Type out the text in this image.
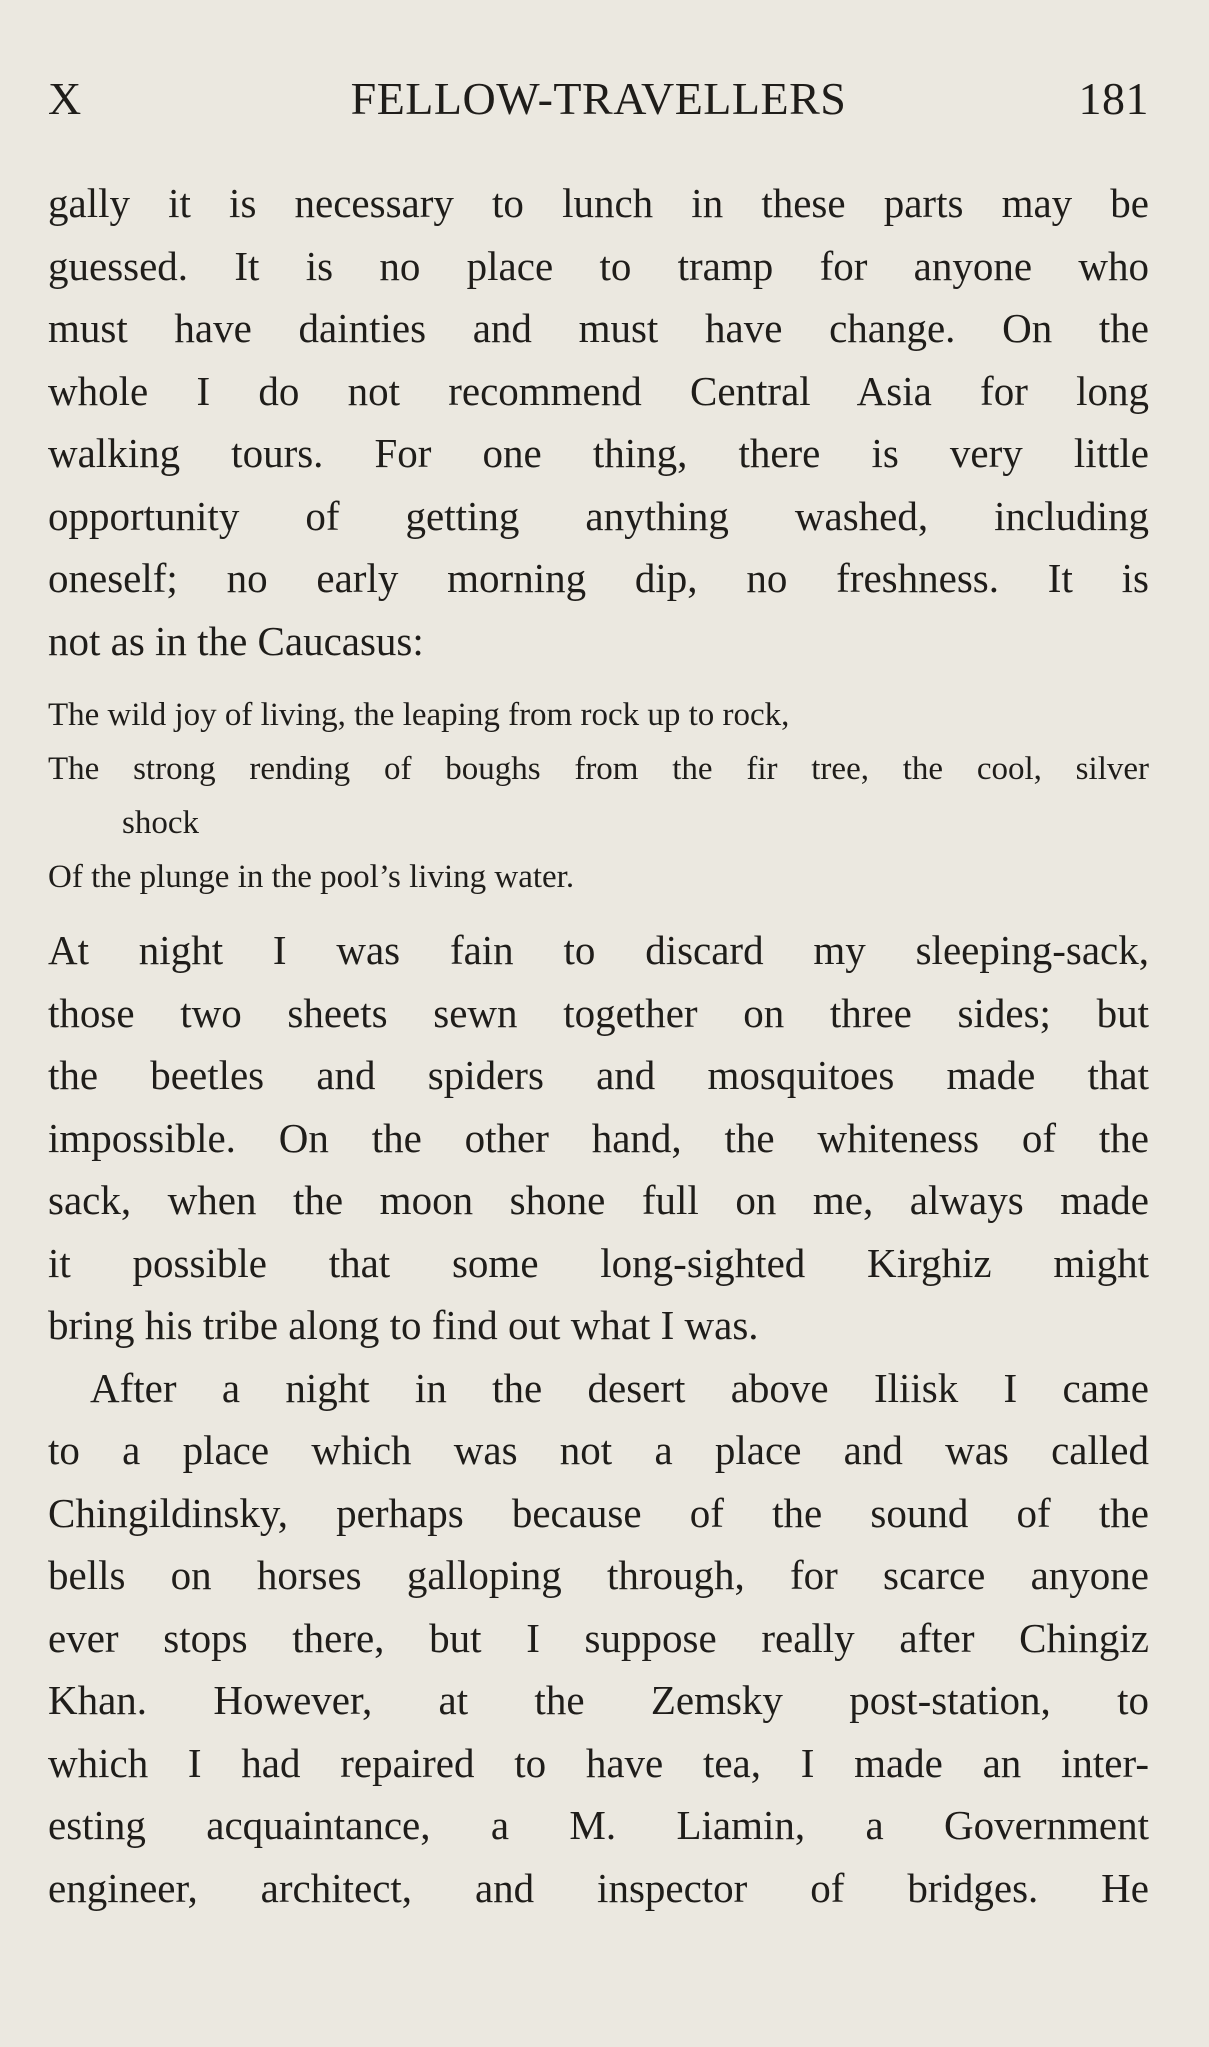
X	FELLOW-TRAVELLERS	181
gally it is necessary to lunch in these parts may be
guessed. It is no place to tramp for anyone who
must have dainties and must have change. On the
whole I do not recommend Central Asia for long
walking tours. For one thing, there is very little
opportunity of getting anything washed, including
oneself; no early morning dip, no freshness. It is
not as in the Caucasus:
The wild joy of living, the leaping from rock up to rock,
The strong rending of boughs from the fir tree, the cool, silver
shock
Of the plunge in the pool’s living water.
At night I was fain to discard my sleeping-sack,
those two sheets sewn together on three sides; but
the beetles and spiders and mosquitoes made that
impossible. On the other hand, the whiteness of the
sack, when the moon shone full on me, always made
it possible that some long-sighted Kirghiz might
bring his tribe along to find out what I was.
After a night in the desert above Iliisk I came
to a place which was not a place and was called
Chingildinsky, perhaps because of the sound of the
bells on horses galloping through, for scarce anyone
ever stops there, but I suppose really after Chingiz
Khan. However, at the Zemsky post-station, to
which I had repaired to have tea, I made an inter-
esting acquaintance, a M. Liamin, a Government
engineer, architect, and inspector of bridges. He
